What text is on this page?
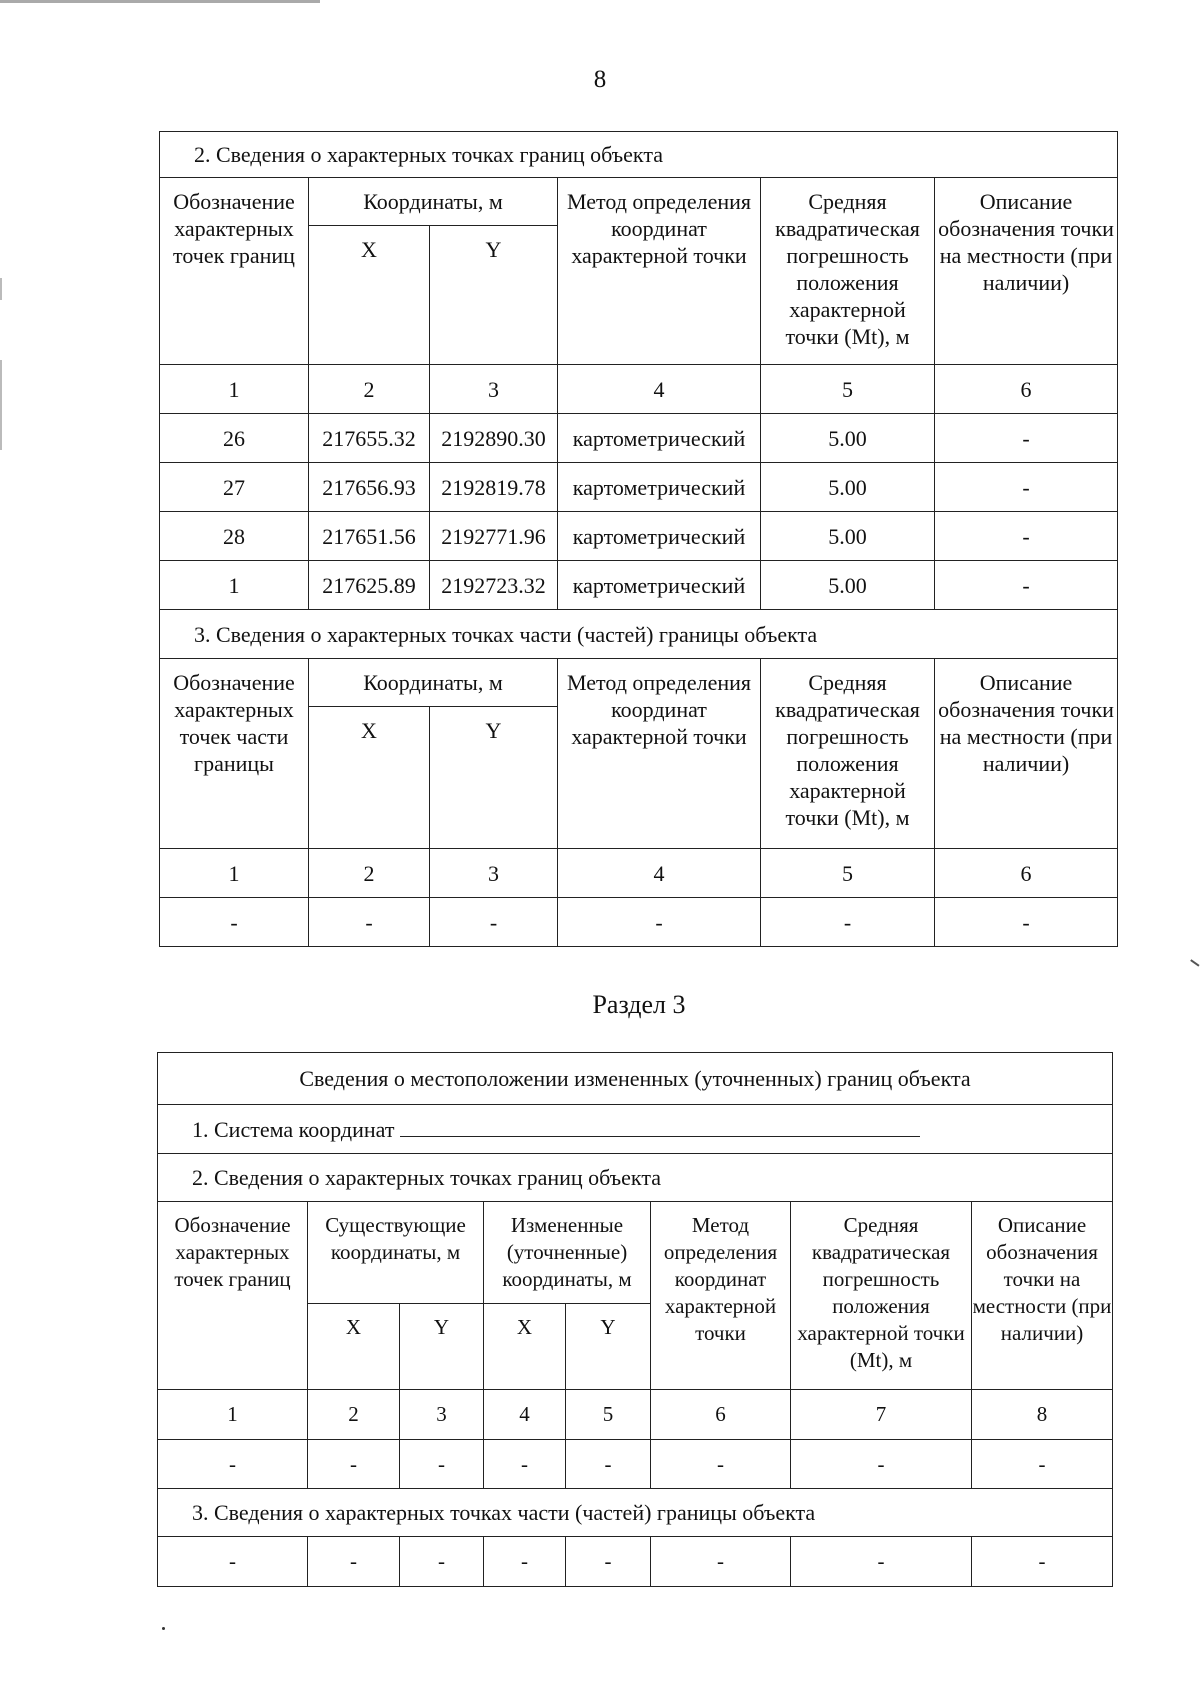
8
2. Сведения о характерных точках границ объекта					
Обозначение характерных точек границ	Координаты, м		Метод определения координат характерной точки	Средняя квадратическая погрешность положения характерной точки (Mt), м	Описание обозначения точки на местности (при наличии)
	X	Y			
1	2	3	4	5	6
26	217655.32	2192890.30	картометрический	5.00	-
27	217656.93	2192819.78	картометрический	5.00	-
28	217651.56	2192771.96	картометрический	5.00	-
1	217625.89	2192723.32	картометрический	5.00	-
3. Сведения о характерных точках части (частей) границы объекта					
Обозначение характерных точек части границы	Координаты, м		Метод определения координат характерной точки	Средняя квадратическая погрешность положения характерной точки (Mt), м	Описание обозначения точки на местности (при наличии)
	X	Y			
1	2	3	4	5	6
-	-	-	-	-	-
Раздел 3
Сведения о местоположении измененных (уточненных) границ объекта							
1. Система координат							
2. Сведения о характерных точках границ объекта							
Обозначение характерных точек границ	Существующие координаты, м		Измененные (уточненные) координаты, м		Метод определения координат характерной точки	Средняя квадратическая погрешность положения характерной точки (Mt), м	Описание обозначения точки на местности (при наличии)
	X	Y	X	Y			
1	2	3	4	5	6	7	8
-	-	-	-	-	-	-	-
3. Сведения о характерных точках части (частей) границы объекта							
-	-	-	-	-	-	-	-
